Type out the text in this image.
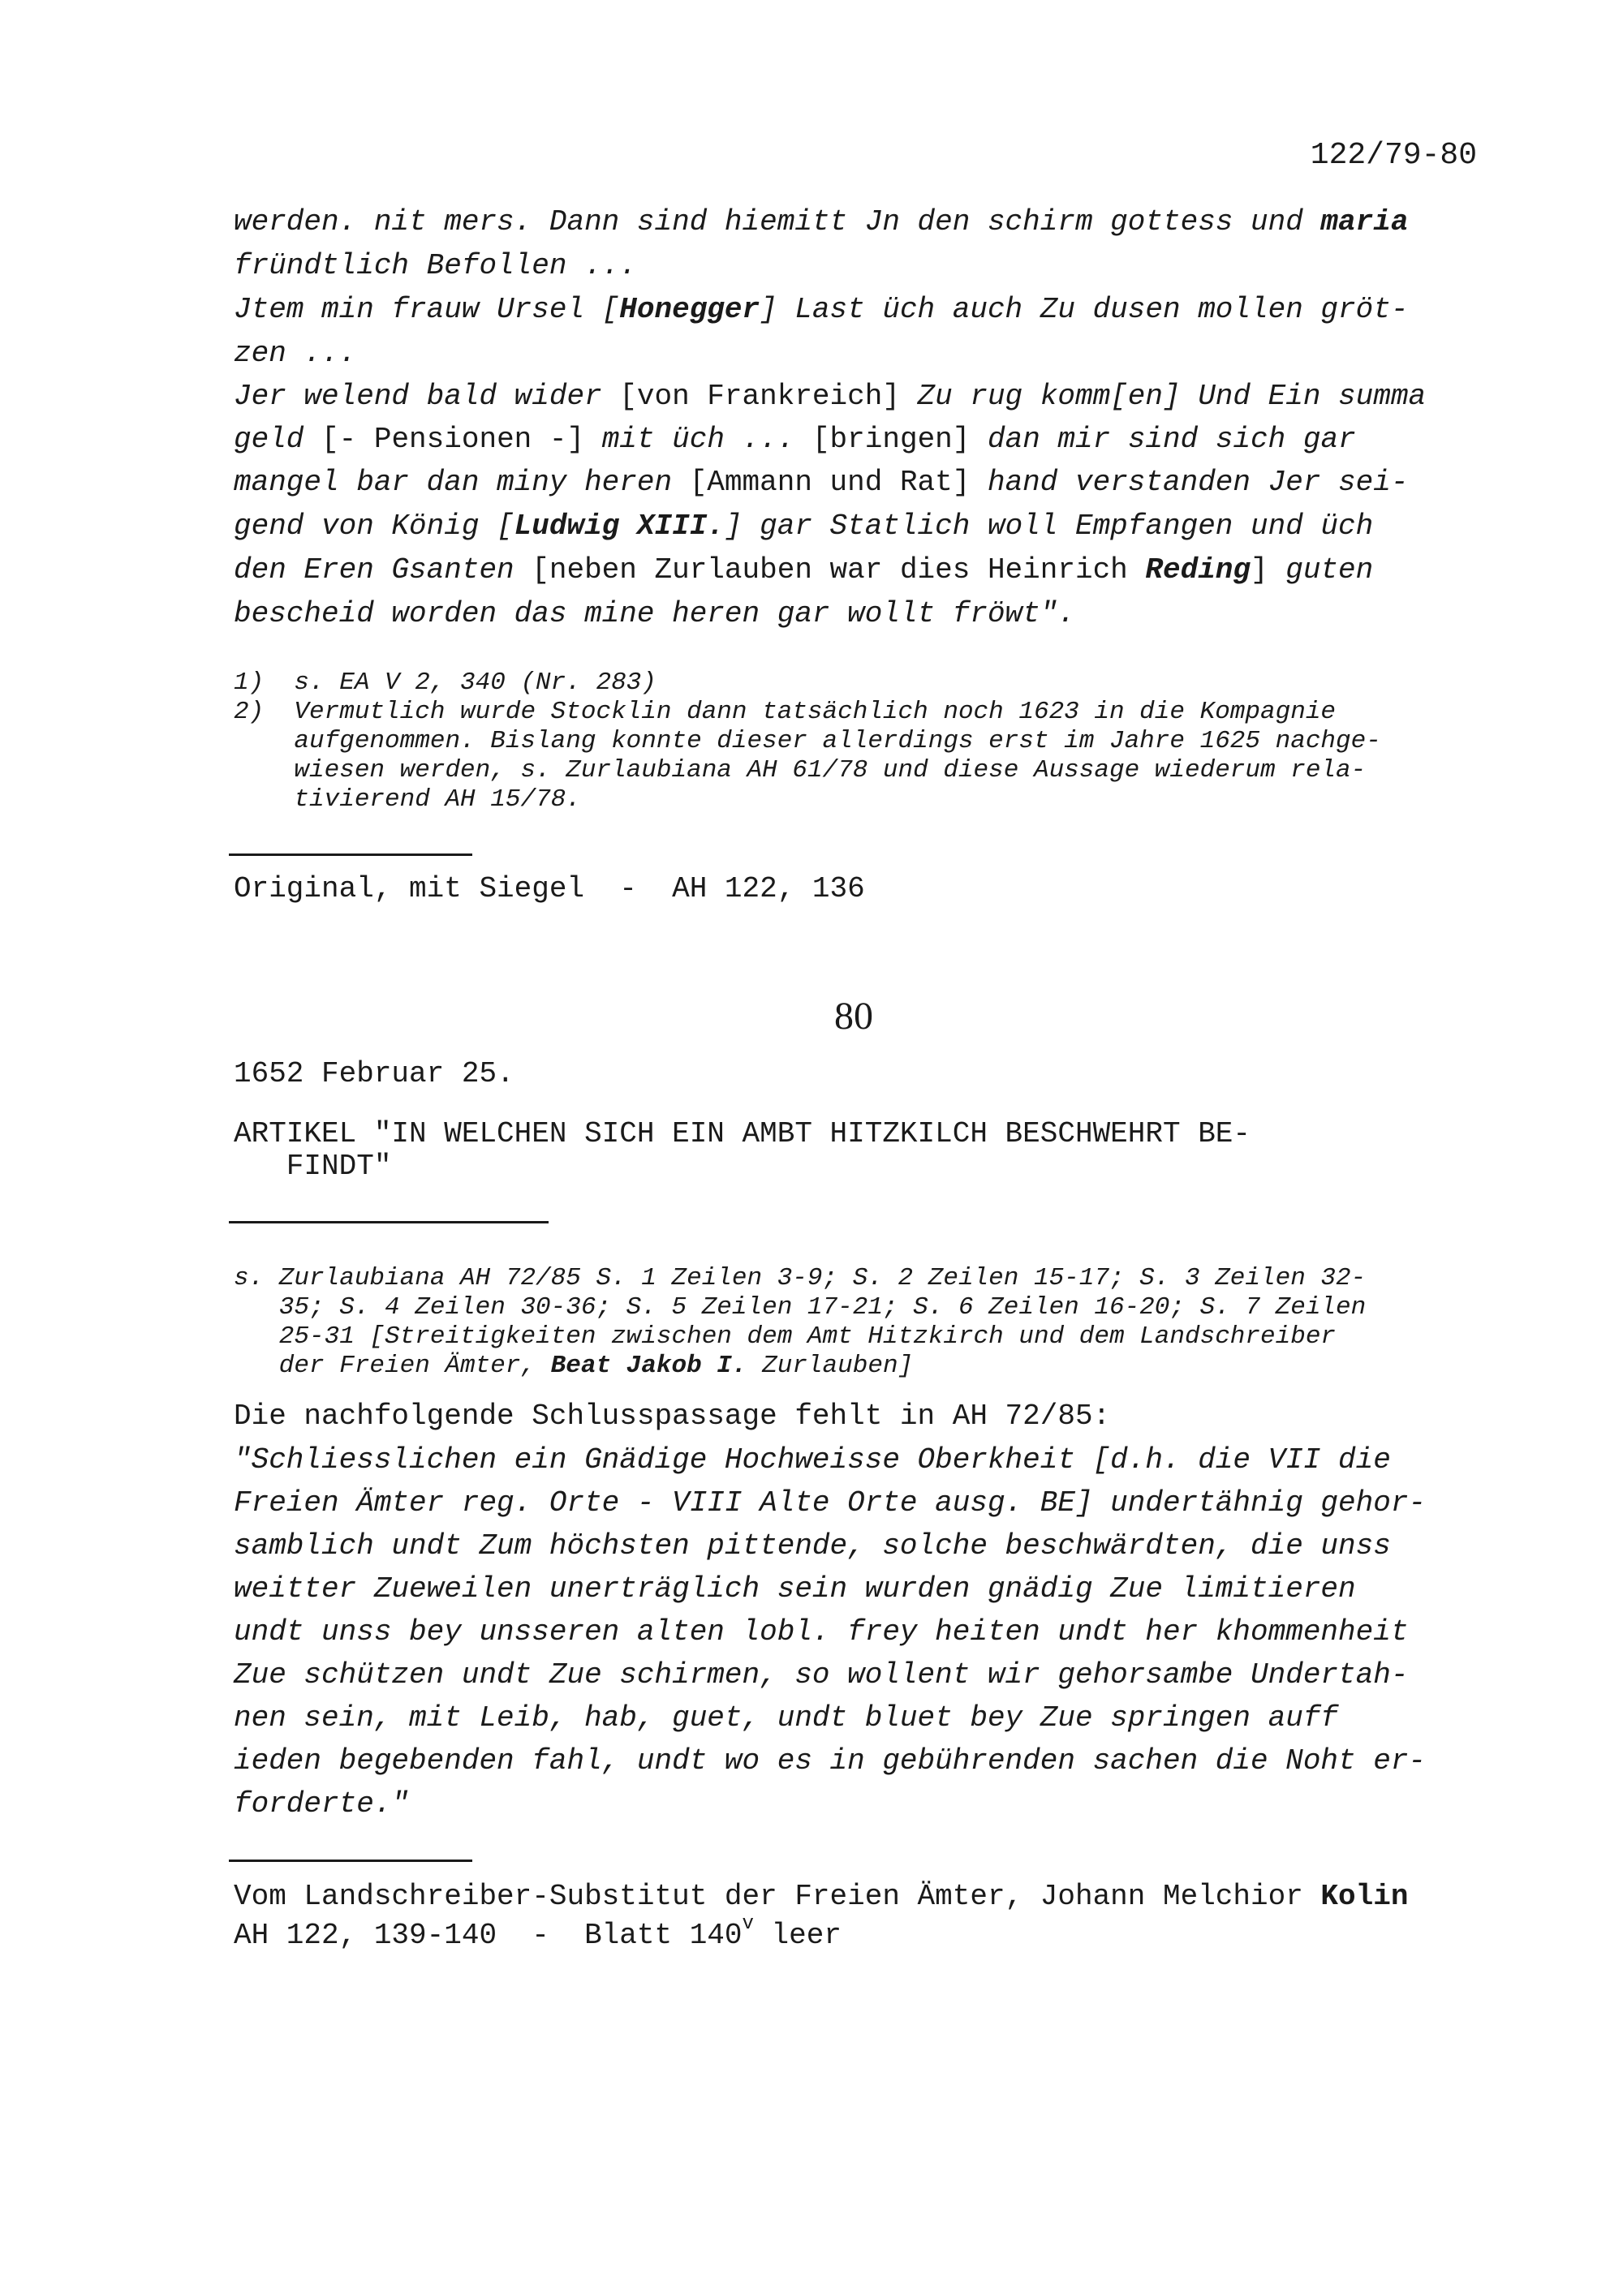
122/79-80
werden. nit mers. Dann sind hiemitt Jn den schirm gottess und maria
fründtlich Befollen ...
Jtem min frauw Ursel [Honegger] Last üch auch Zu dusen mollen gröt-
zen ...
Jer welend bald wider [von Frankreich] Zu rug komm[en] Und Ein summa
geld [- Pensionen -] mit üch ... [bringen] dan mir sind sich gar
mangel bar dan miny heren [Ammann und Rat] hand verstanden Jer sei-
gend von König [Ludwig XIII.] gar Statlich woll Empfangen und üch
den Eren Gsanten [neben Zurlauben war dies Heinrich Reding] guten
bescheid worden das mine heren gar wollt fröwt".
1)  s. EA V 2, 340 (Nr. 283)
2)  Vermutlich wurde Stocklin dann tatsächlich noch 1623 in die Kompagnie
aufgenommen. Bislang konnte dieser allerdings erst im Jahre 1625 nachge-
wiesen werden, s. Zurlaubiana AH 61/78 und diese Aussage wiederum rela-
tivierend AH 15/78.
Original, mit Siegel  -  AH 122, 136
80
1652 Februar 25.
ARTIKEL "IN WELCHEN SICH EIN AMBT HITZKILCH BESCHWEHRT BE-
FINDT"
s. Zurlaubiana AH 72/85 S. 1 Zeilen 3-9; S. 2 Zeilen 15-17; S. 3 Zeilen 32-
35; S. 4 Zeilen 30-36; S. 5 Zeilen 17-21; S. 6 Zeilen 16-20; S. 7 Zeilen
25-31 [Streitigkeiten zwischen dem Amt Hitzkirch und dem Landschreiber
der Freien Ämter, Beat Jakob I. Zurlauben]
Die nachfolgende Schlusspassage fehlt in AH 72/85:
"Schliesslichen ein Gnädige Hochweisse Oberkheit [d.h. die VII die
Freien Ämter reg. Orte - VIII Alte Orte ausg. BE] undertähnig gehor-
samblich undt Zum höchsten pittende, solche beschwärdten, die unss
weitter Zueweilen unerträglich sein wurden gnädig Zue limitieren
undt unss bey unsseren alten lobl. frey heiten undt her khommenheit
Zue schützen undt Zue schirmen, so wollent wir gehorsambe Undertah-
nen sein, mit Leib, hab, guet, undt bluet bey Zue springen auff
ieden begebenden fahl, undt wo es in gebührenden sachen die Noht er-
forderte."
Vom Landschreiber-Substitut der Freien Ämter, Johann Melchior Kolin
AH 122, 139-140  -  Blatt 140$^v$ leer
